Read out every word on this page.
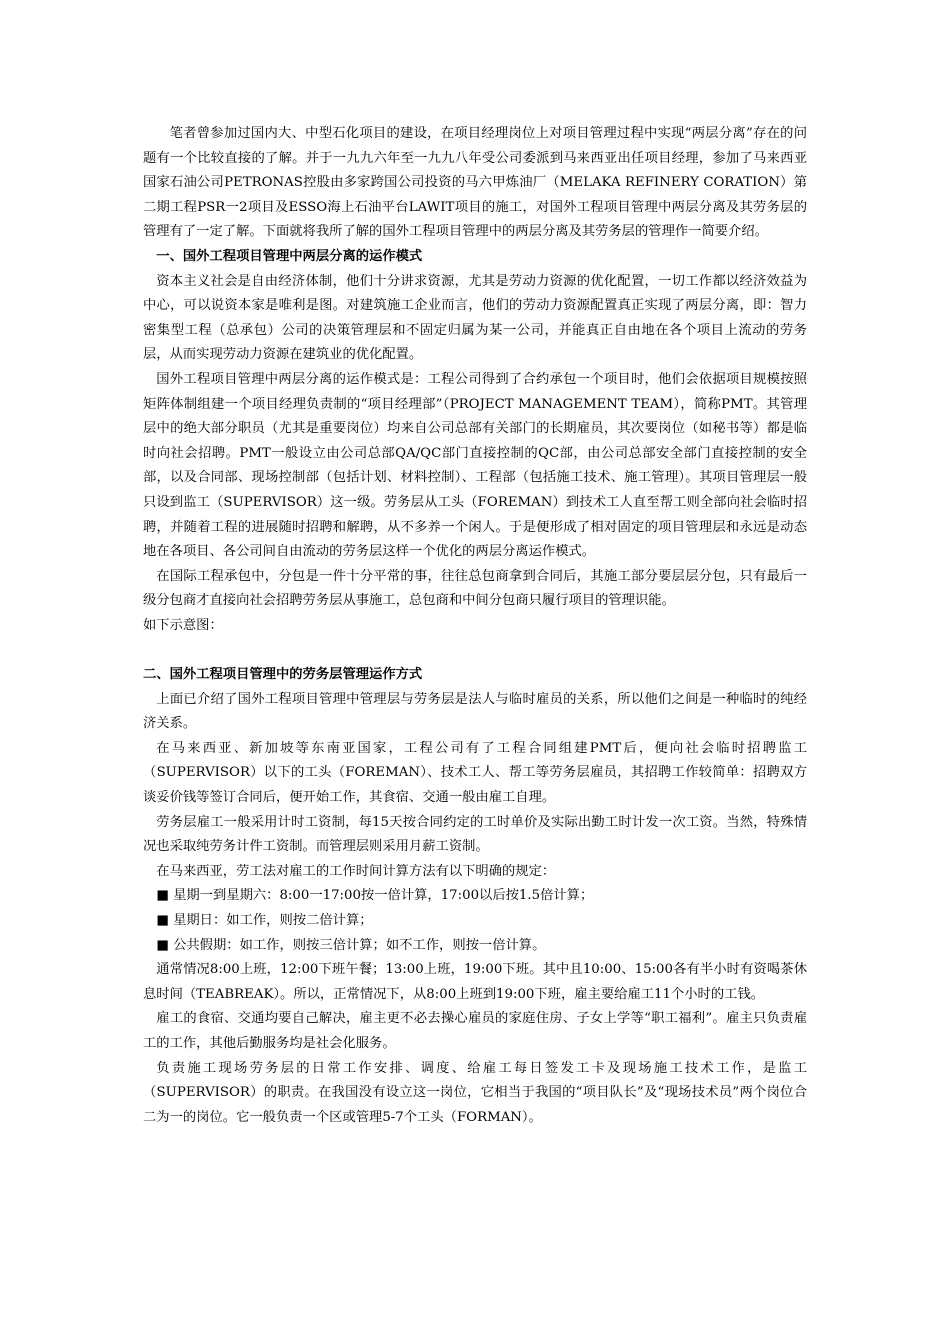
笔者曾参加过国内大、中型石化项目的建设，在项目经理岗位上对项目管理过程中实现“两层分离”存在的问题有一个比较直接的了解。并于一九九六年至一九九八年受公司委派到马来西亚出任项目经理，参加了马来西亚国家石油公司PETRONAS控股由多家跨国公司投资的马六甲炼油厂（MELAKA REFINERY CORATION）第二期工程PSR一2项目及ESSO海上石油平台LAWIT项目的施工，对国外工程项目管理中两层分离及其劳务层的管理有了一定了解。下面就将我所了解的国外工程项目管理中的两层分离及其劳务层的管理作一简要介绍。

一、国外工程项目管理中两层分离的运作模式

资本主义社会是自由经济体制，他们十分讲求资源，尤其是劳动力资源的优化配置，一切工作都以经济效益为中心，可以说资本家是唯利是图。对建筑施工企业而言，他们的劳动力资源配置真正实现了两层分离，即：智力密集型工程（总承包）公司的决策管理层和不固定归属为某一公司，并能真正自由地在各个项目上流动的劳务层，从而实现劳动力资源在建筑业的优化配置。

国外工程项目管理中两层分离的运作模式是：工程公司得到了合约承包一个项目时，他们会依据项目规模按照矩阵体制组建一个项目经理负责制的“项目经理部”（PROJECT MANAGEMENT TEAM），简称PMT。其管理层中的绝大部分职员（尤其是重要岗位）均来自公司总部有关部门的长期雇员，其次要岗位（如秘书等）都是临时向社会招聘。PMT一般设立由公司总部QA/QC部门直接控制的QC部，由公司总部安全部门直接控制的安全部，以及合同部、现场控制部（包括计划、材料控制）、工程部（包括施工技术、施工管理）。其项目管理层一般只设到监工（SUPERVISOR）这一级。劳务层从工头（FOREMAN）到技术工人直至帮工则全部向社会临时招聘，并随着工程的进展随时招聘和解聘，从不多养一个闲人。于是便形成了相对固定的项目管理层和永远是动态地在各项目、各公司间自由流动的劳务层这样一个优化的两层分离运作模式。

在国际工程承包中，分包是一件十分平常的事，往往总包商拿到合同后，其施工部分要层层分包，只有最后一级分包商才直接向社会招聘劳务层从事施工，总包商和中间分包商只履行项目的管理识能。

如下示意图：

二、国外工程项目管理中的劳务层管理运作方式

上面已介绍了国外工程项目管理中管理层与劳务层是法人与临时雇员的关系，所以他们之间是一种临时的纯经济关系。

在马来西亚、新加坡等东南亚国家，工程公司有了工程合同组建PMT后，便向社会临时招聘监工（SUPERVISOR）以下的工头（FOREMAN）、技术工人、帮工等劳务层雇员，其招聘工作较简单：招聘双方谈妥价钱等签订合同后，便开始工作，其食宿、交通一般由雇工自理。

劳务层雇工一般采用计时工资制，每15天按合同约定的工时单价及实际出勤工时计发一次工资。当然，特殊情况也采取纯劳务计件工资制。而管理层则采用月薪工资制。

在马来西亚，劳工法对雇工的工作时间计算方法有以下明确的规定：

■ 星期一到星期六：8:00一17:00按一倍计算，17:00以后按1.5倍计算；

■ 星期日：如工作，则按二倍计算；

■ 公共假期：如工作，则按三倍计算；如不工作，则按一倍计算。

通常情况8:00上班，12:00下班午餐；13:00上班，19:00下班。其中且10:00、15:00各有半小时有资喝茶休息时间（TEABREAK）。所以，正常情况下，从8:00上班到19:00下班，雇主要给雇工11个小时的工钱。

雇工的食宿、交通均要自己解决，雇主更不必去操心雇员的家庭住房、子女上学等“职工福利”。雇主只负责雇工的工作，其他后勤服务均是社会化服务。

负责施工现场劳务层的日常工作安排、调度、给雇工每日签发工卡及现场施工技术工作，是监工（SUPERVISOR）的职责。在我国没有设立这一岗位，它相当于我国的“项目队长”及“现场技术员”两个岗位合二为一的岗位。它一般负责一个区或管理5-7个工头（FORMAN）。
